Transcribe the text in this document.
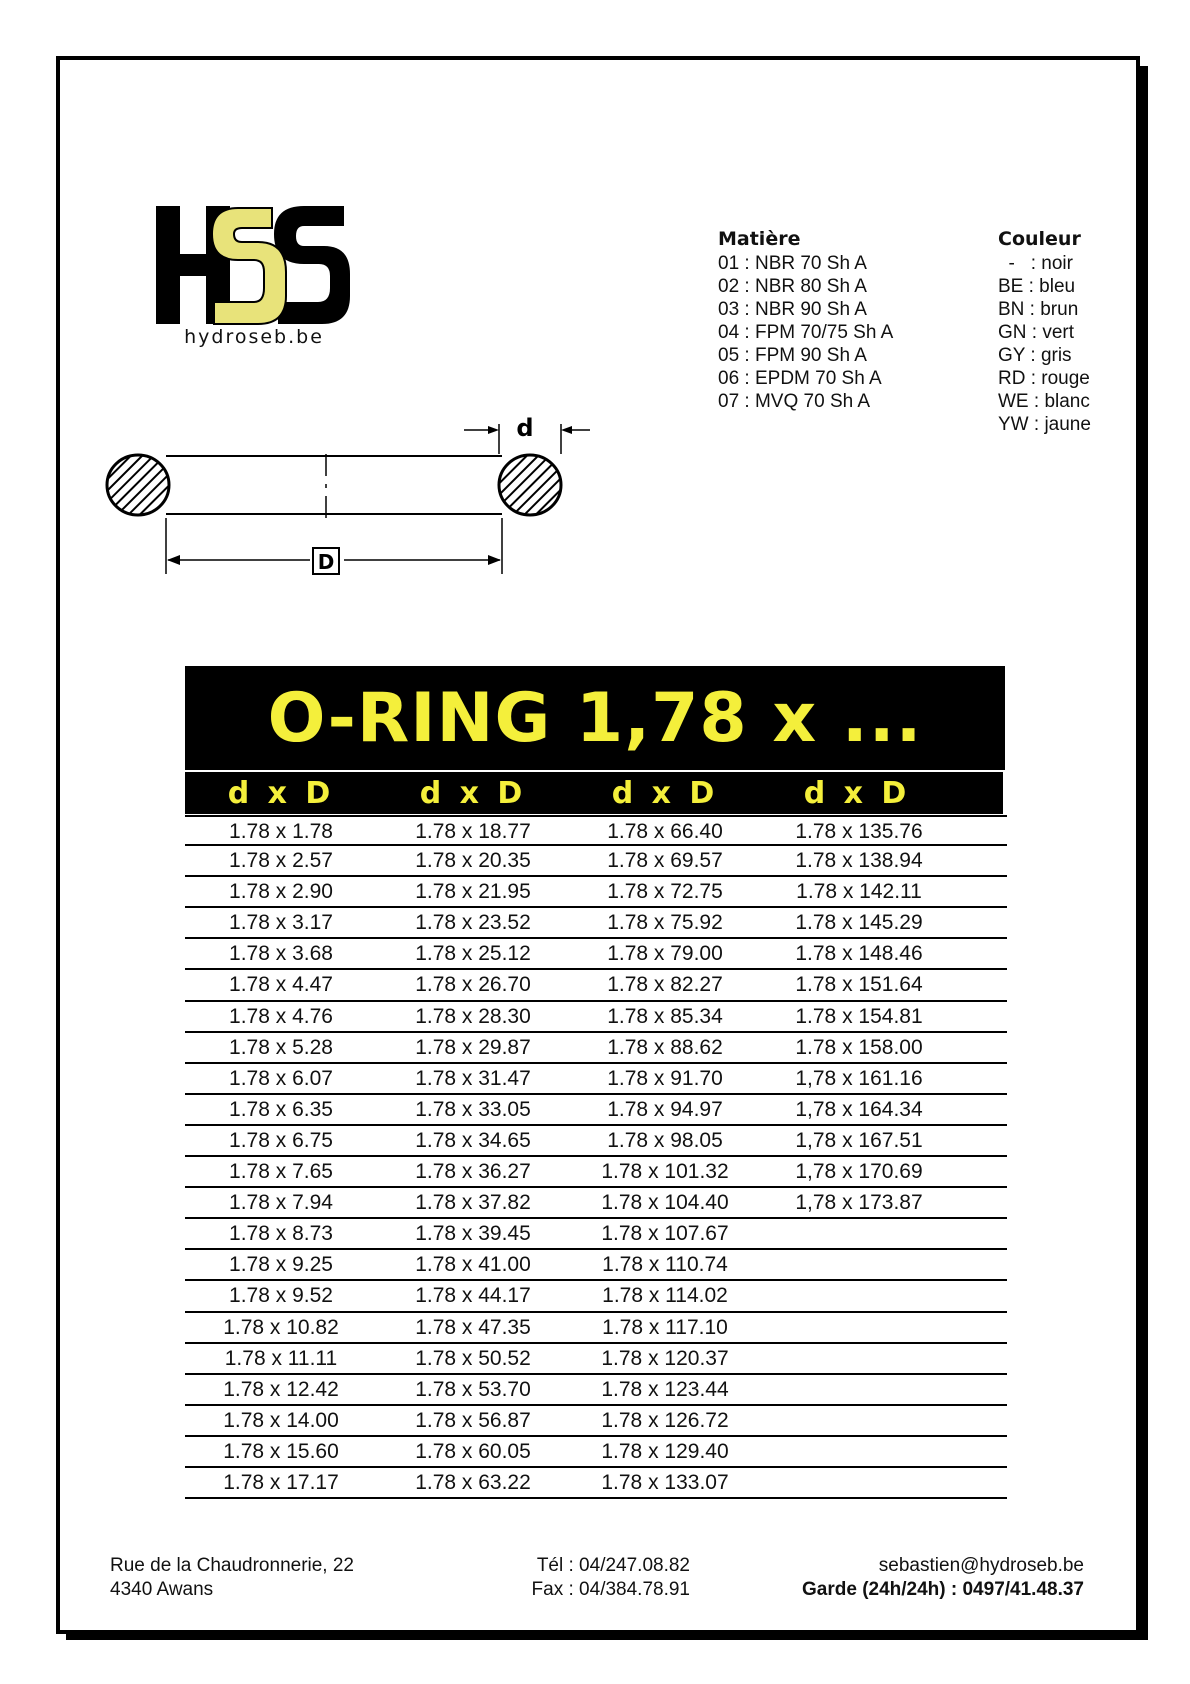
hydroseb.be
Matière
01 : NBR 70 Sh A
02 : NBR 80 Sh A
03 : NBR 90 Sh A
04 : FPM 70/75 Sh A
05 : FPM 90 Sh A
06 : EPDM 70 Sh A
07 : MVQ 70 Sh A
Couleur
-   : noir
BE : bleu
BN : brun
GN : vert
GY : gris
RD : rouge
WE : blanc
YW : jaune
d
D
O-RING 1,78 x ...
d x D	d x D	d x D	d x D
1.78 x 1.78	1.78 x 18.77	1.78 x 66.40	1.78 x 135.76
1.78 x 2.57	1.78 x 20.35	1.78 x 69.57	1.78 x 138.94
1.78 x 2.90	1.78 x 21.95	1.78 x 72.75	1.78 x 142.11
1.78 x 3.17	1.78 x 23.52	1.78 x 75.92	1.78 x 145.29
1.78 x 3.68	1.78 x 25.12	1.78 x 79.00	1.78 x 148.46
1.78 x 4.47	1.78 x 26.70	1.78 x 82.27	1.78 x 151.64
1.78 x 4.76	1.78 x 28.30	1.78 x 85.34	1.78 x 154.81
1.78 x 5.28	1.78 x 29.87	1.78 x 88.62	1.78 x 158.00
1.78 x 6.07	1.78 x 31.47	1.78 x 91.70	1,78 x 161.16
1.78 x 6.35	1.78 x 33.05	1.78 x 94.97	1,78 x 164.34
1.78 x 6.75	1.78 x 34.65	1.78 x 98.05	1,78 x 167.51
1.78 x 7.65	1.78 x 36.27	1.78 x 101.32	1,78 x 170.69
1.78 x 7.94	1.78 x 37.82	1.78 x 104.40	1,78 x 173.87
1.78 x 8.73	1.78 x 39.45	1.78 x 107.67
1.78 x 9.25	1.78 x 41.00	1.78 x 110.74
1.78 x 9.52	1.78 x 44.17	1.78 x 114.02
1.78 x 10.82	1.78 x 47.35	1.78 x 117.10
1.78 x 11.11	1.78 x 50.52	1.78 x 120.37
1.78 x 12.42	1.78 x 53.70	1.78 x 123.44
1.78 x 14.00	1.78 x 56.87	1.78 x 126.72
1.78 x 15.60	1.78 x 60.05	1.78 x 129.40
1.78 x 17.17	1.78 x 63.22	1.78 x 133.07
Rue de la Chaudronnerie, 22
4340 Awans
Tél : 04/247.08.82
Fax : 04/384.78.91
sebastien@hydroseb.be
Garde (24h/24h) : 0497/41.48.37
